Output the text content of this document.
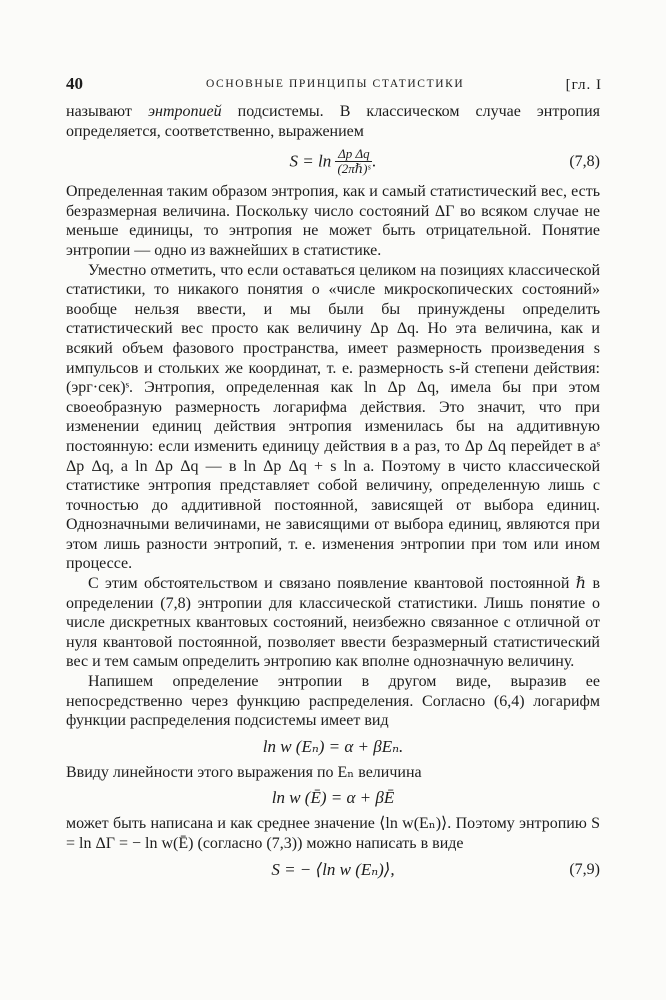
40	ОСНОВНЫЕ ПРИНЦИПЫ СТАТИСТИКИ	[гл. I

называют энтропией подсистемы. В классическом случае энтропия определяется, соответственно, выражением

$S = \ln \frac{\text{Δp Δq}}{\text{(2πℏ)ˢ}}$ .	(7,8)

Определенная таким образом энтропия, как и самый статистический вес, есть безразмерная величина. Поскольку число состояний ΔΓ во всяком случае не меньше единицы, то энтропия не может быть отрицательной. Понятие энтропии — одно из важнейших в статистике.

Уместно отметить, что если оставаться целиком на позициях классической статистики, то никакого понятия о «числе микроскопических состояний» вообще нельзя ввести, и мы были бы принуждены определить статистический вес просто как величину Δp Δq. Но эта величина, как и всякий объем фазового пространства, имеет размерность произведения s импульсов и стольких же координат, т. е. размерность s-й степени действия: (эрг·сек)ˢ. Энтропия, определенная как ln Δp Δq, имела бы при этом своеобразную размерность логарифма действия. Это значит, что при изменении единиц действия энтропия изменилась бы на аддитивную постоянную: если изменить единицу действия в a раз, то Δp Δq перейдет в aˢ Δp Δq, а ln Δp Δq — в ln Δp Δq + s ln a. Поэтому в чисто классической статистике энтропия представляет собой величину, определенную лишь с точностью до аддитивной постоянной, зависящей от выбора единиц. Однозначными величинами, не зависящими от выбора единиц, являются при этом лишь разности энтропий, т. е. изменения энтропии при том или ином процессе.

С этим обстоятельством и связано появление квантовой постоянной ℏ в определении (7,8) энтропии для классической статистики. Лишь понятие о числе дискретных квантовых состояний, неизбежно связанное с отличной от нуля квантовой постоянной, позволяет ввести безразмерный статистический вес и тем самым определить энтропию как вполне однозначную величину.

Напишем определение энтропии в другом виде, выразив ее непосредственно через функцию распределения. Согласно (6,4) логарифм функции распределения подсистемы имеет вид

ln w (Eₙ) = α + βEₙ.

Ввиду линейности этого выражения по Eₙ величина

ln w (Ē) = α + βĒ

может быть написана и как среднее значение ⟨ln w(Eₙ)⟩. Поэтому энтропию S = ln ΔΓ = − ln w(Ē) (согласно (7,3)) можно написать в виде

S = − ⟨ln w (Eₙ)⟩,	(7,9)
